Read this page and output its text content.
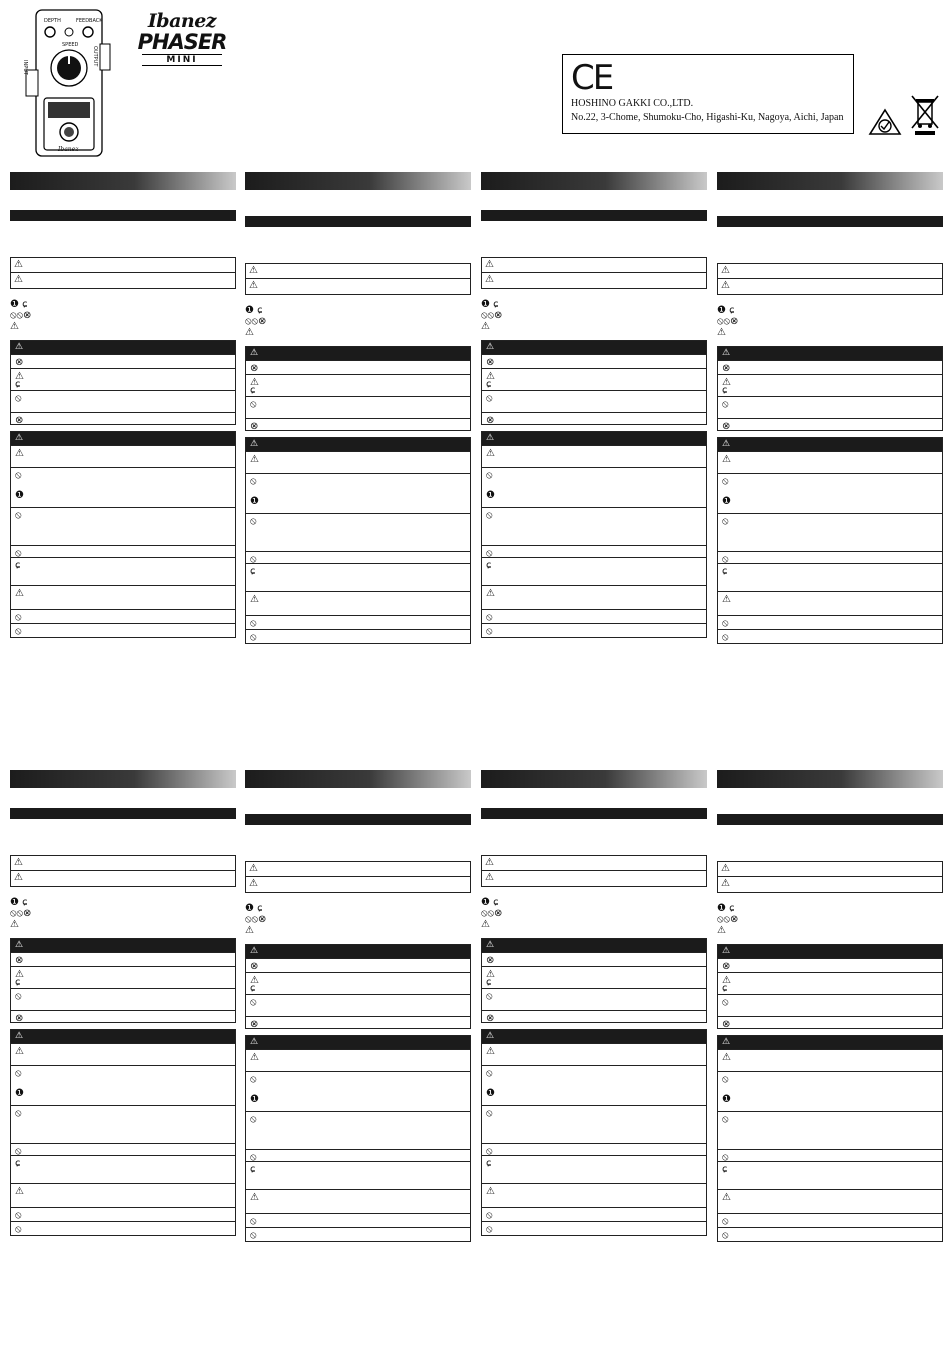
DEPTH	FEEDBACK
SPEED
INPUT
OUTPUT
Ibanez
Ibanez
PHASER
MINI	CE
HOSHINO GAKKI CO.,LTD.
No.22, 3-Chome, Shumoku-Cho, Higashi-Ku, Nagoya, Aichi, Japan
⚠
⚠
❶ ɕ
⦸⦸⊗
⚠
⚠
⊗
⚠
ɕ
⦸
⊗
⚠
⚠
⦸
❶
⦸
⦸
ɕ
⚠
⦸
⦸
⚠
⚠
❶ ɕ
⦸⦸⊗
⚠
⚠
⊗
⚠
ɕ
⦸
⊗
⚠
⚠
⦸
❶
⦸
⦸
ɕ
⚠
⦸
⦸
⚠
⚠
❶ ɕ
⦸⦸⊗
⚠
⚠
⊗
⚠
ɕ
⦸
⊗
⚠
⚠
⦸
❶
⦸
⦸
ɕ
⚠
⦸
⦸
⚠
⚠
❶ ɕ
⦸⦸⊗
⚠
⚠
⊗
⚠
ɕ
⦸
⊗
⚠
⚠
⦸
❶
⦸
⦸
ɕ
⚠
⦸
⦸
⚠
⚠
❶ ɕ
⦸⦸⊗
⚠
⚠
⊗
⚠
ɕ
⦸
⊗
⚠
⚠
⦸
❶
⦸
⦸
ɕ
⚠
⦸
⦸
⚠
⚠
❶ ɕ
⦸⦸⊗
⚠
⚠
⊗
⚠
ɕ
⦸
⊗
⚠
⚠
⦸
❶
⦸
⦸
ɕ
⚠
⦸
⦸
⚠
⚠
❶ ɕ
⦸⦸⊗
⚠
⚠
⊗
⚠
ɕ
⦸
⊗
⚠
⚠
⦸
❶
⦸
⦸
ɕ
⚠
⦸
⦸
⚠
⚠
❶ ɕ
⦸⦸⊗
⚠
⚠
⊗
⚠
ɕ
⦸
⊗
⚠
⚠
⦸
❶
⦸
⦸
ɕ
⚠
⦸
⦸
